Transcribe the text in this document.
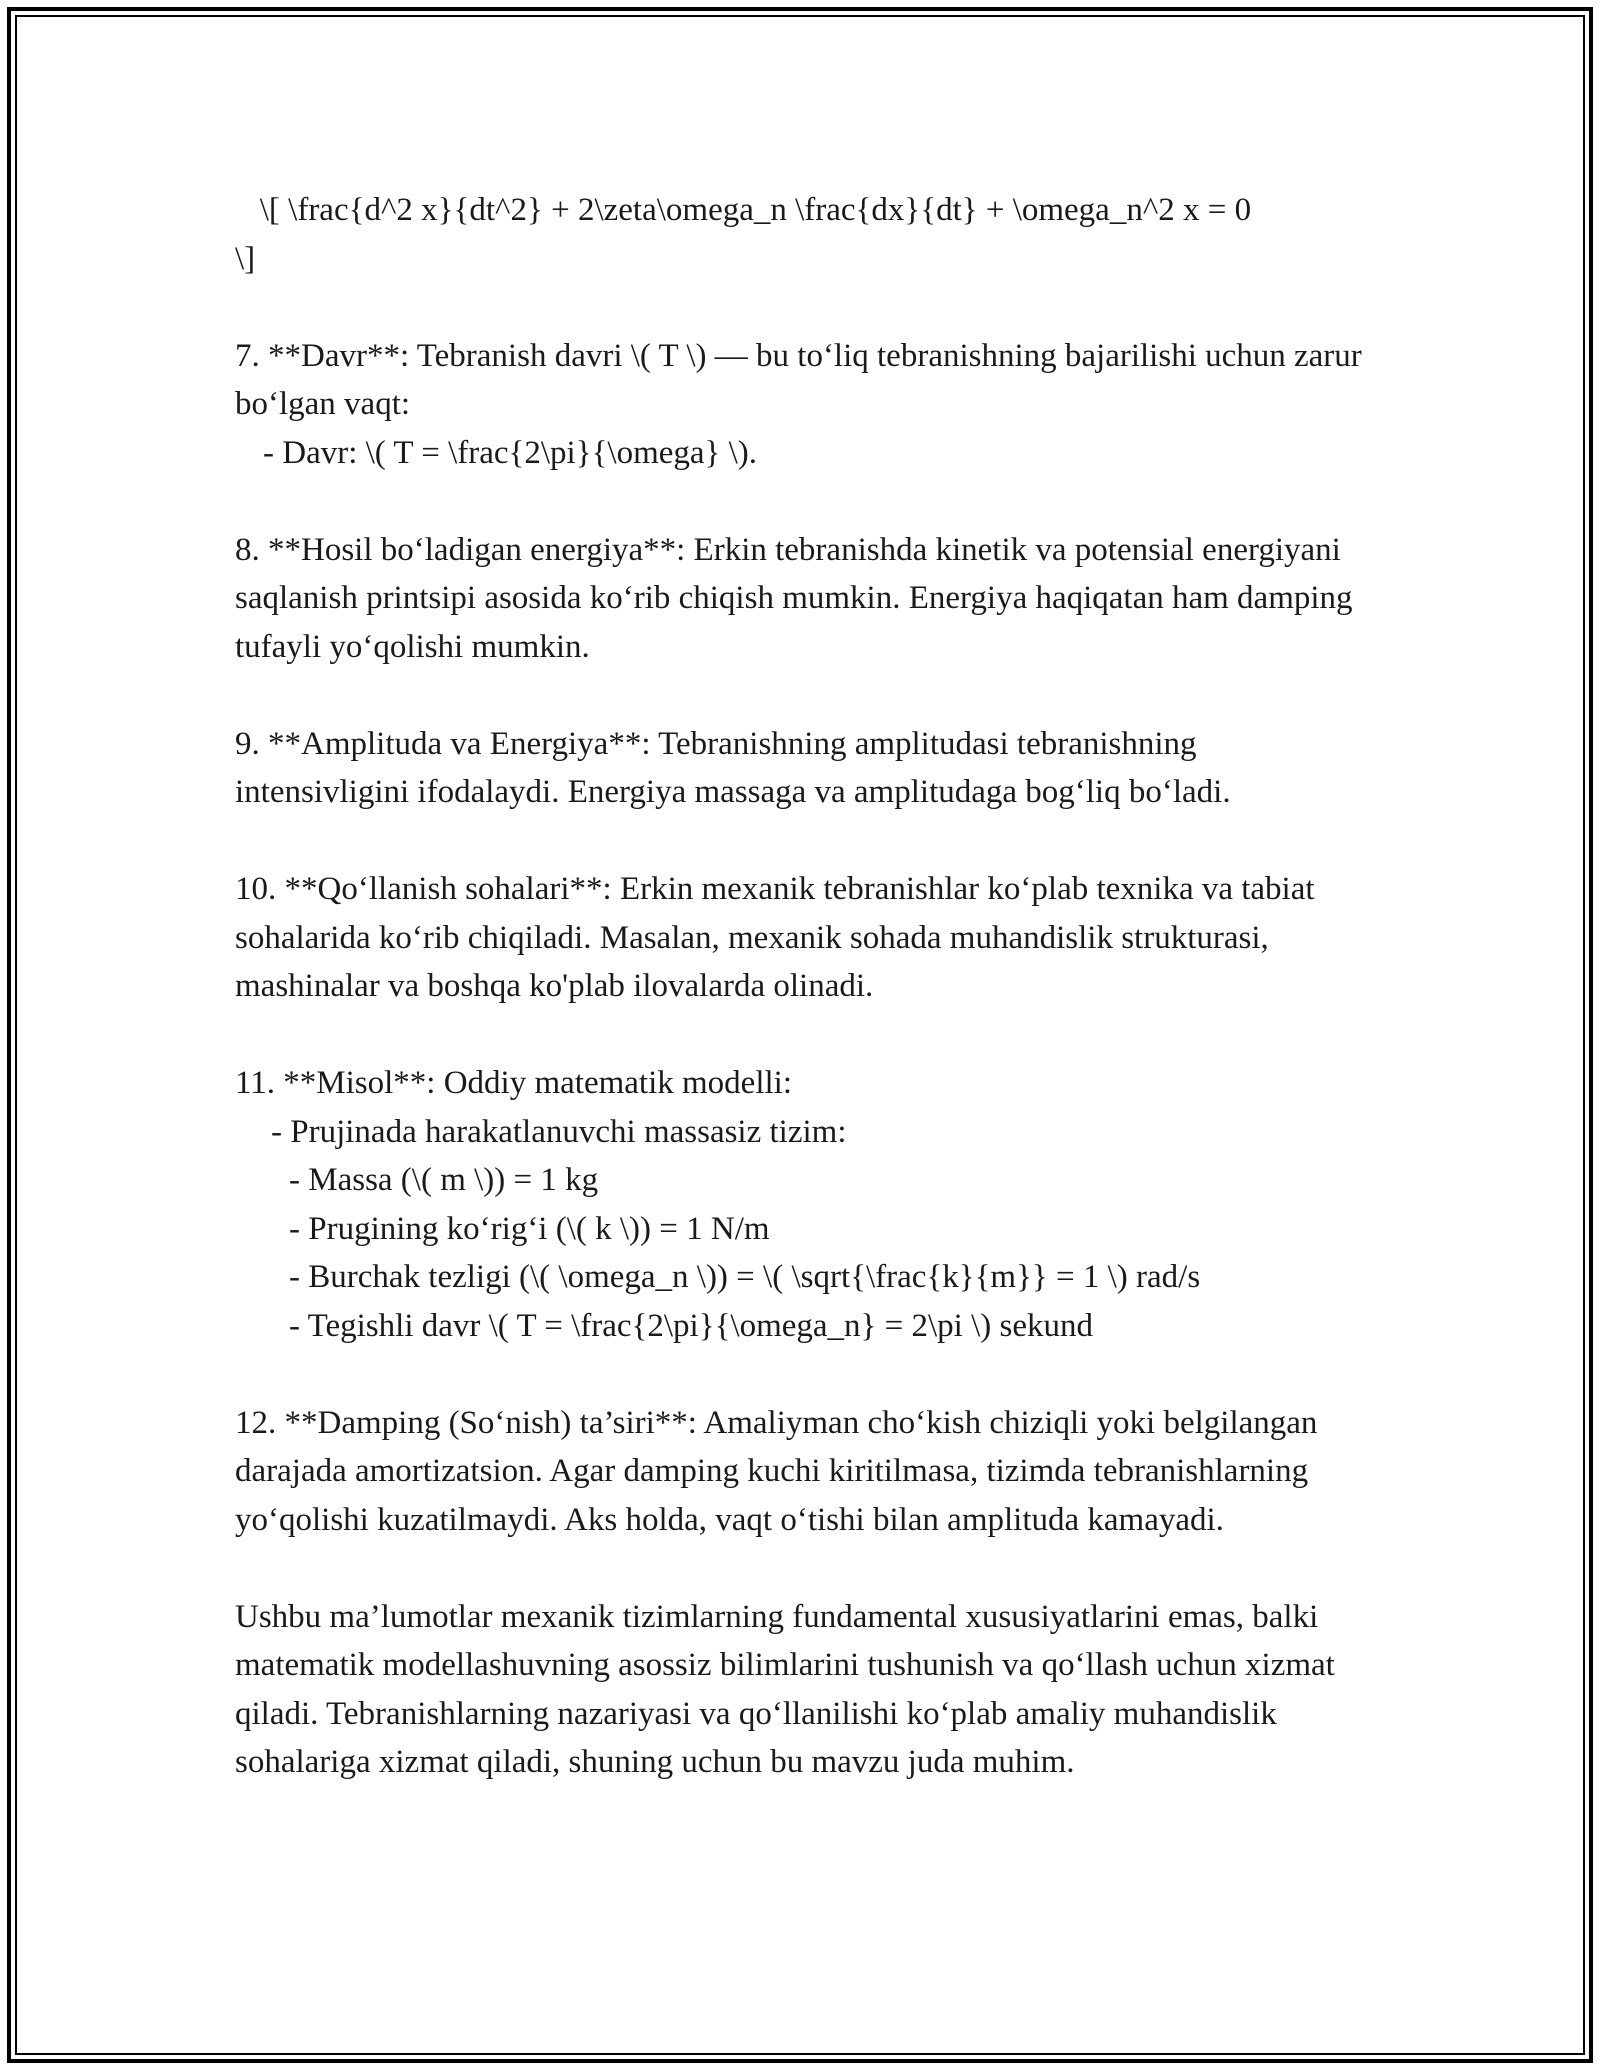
\[ \frac{d^2 x}{dt^2} + 2\zeta\omega_n \frac{dx}{dt} + \omega_n^2 x = 0
\]
7. **Davr**: Tebranish davri \( T \) — bu to‘liq tebranishning bajarilishi uchun zarur bo‘lgan vaqt:
- Davr: \( T = \frac{2\pi}{\omega} \).
8. **Hosil bo‘ladigan energiya**: Erkin tebranishda kinetik va potensial energiyani saqlanish printsipi asosida ko‘rib chiqish mumkin. Energiya haqiqatan ham damping tufayli yo‘qolishi mumkin.
9. **Amplituda va Energiya**: Tebranishning amplitudasi tebranishning intensivligini ifodalaydi. Energiya massaga va amplitudaga bog‘liq bo‘ladi.
10. **Qo‘llanish sohalari**: Erkin mexanik tebranishlar ko‘plab texnika va tabiat sohalarida ko‘rib chiqiladi. Masalan, mexanik sohada muhandislik strukturasi, mashinalar va boshqa ko'plab ilovalarda olinadi.
11. **Misol**: Oddiy matematik modelli:
- Prujinada harakatlanuvchi massasiz tizim:
- Massa (\( m \)) = 1 kg
- Prugining ko‘rig‘i (\( k \)) = 1 N/m
- Burchak tezligi (\( \omega_n \)) = \( \sqrt{\frac{k}{m}} = 1 \) rad/s
- Tegishli davr \( T = \frac{2\pi}{\omega_n} = 2\pi \) sekund
12. **Damping (So‘nish) ta’siri**: Amaliyman cho‘kish chiziqli yoki belgilangan darajada amortizatsion. Agar damping kuchi kiritilmasa, tizimda tebranishlarning yo‘qolishi kuzatilmaydi. Aks holda, vaqt o‘tishi bilan amplituda kamayadi.
Ushbu ma’lumotlar mexanik tizimlarning fundamental xususiyatlarini emas, balki matematik modellashuvning asossiz bilimlarini tushunish va qo‘llash uchun xizmat qiladi. Tebranishlarning nazariyasi va qo‘llanilishi ko‘plab amaliy muhandislik sohalariga xizmat qiladi, shuning uchun bu mavzu juda muhim.
